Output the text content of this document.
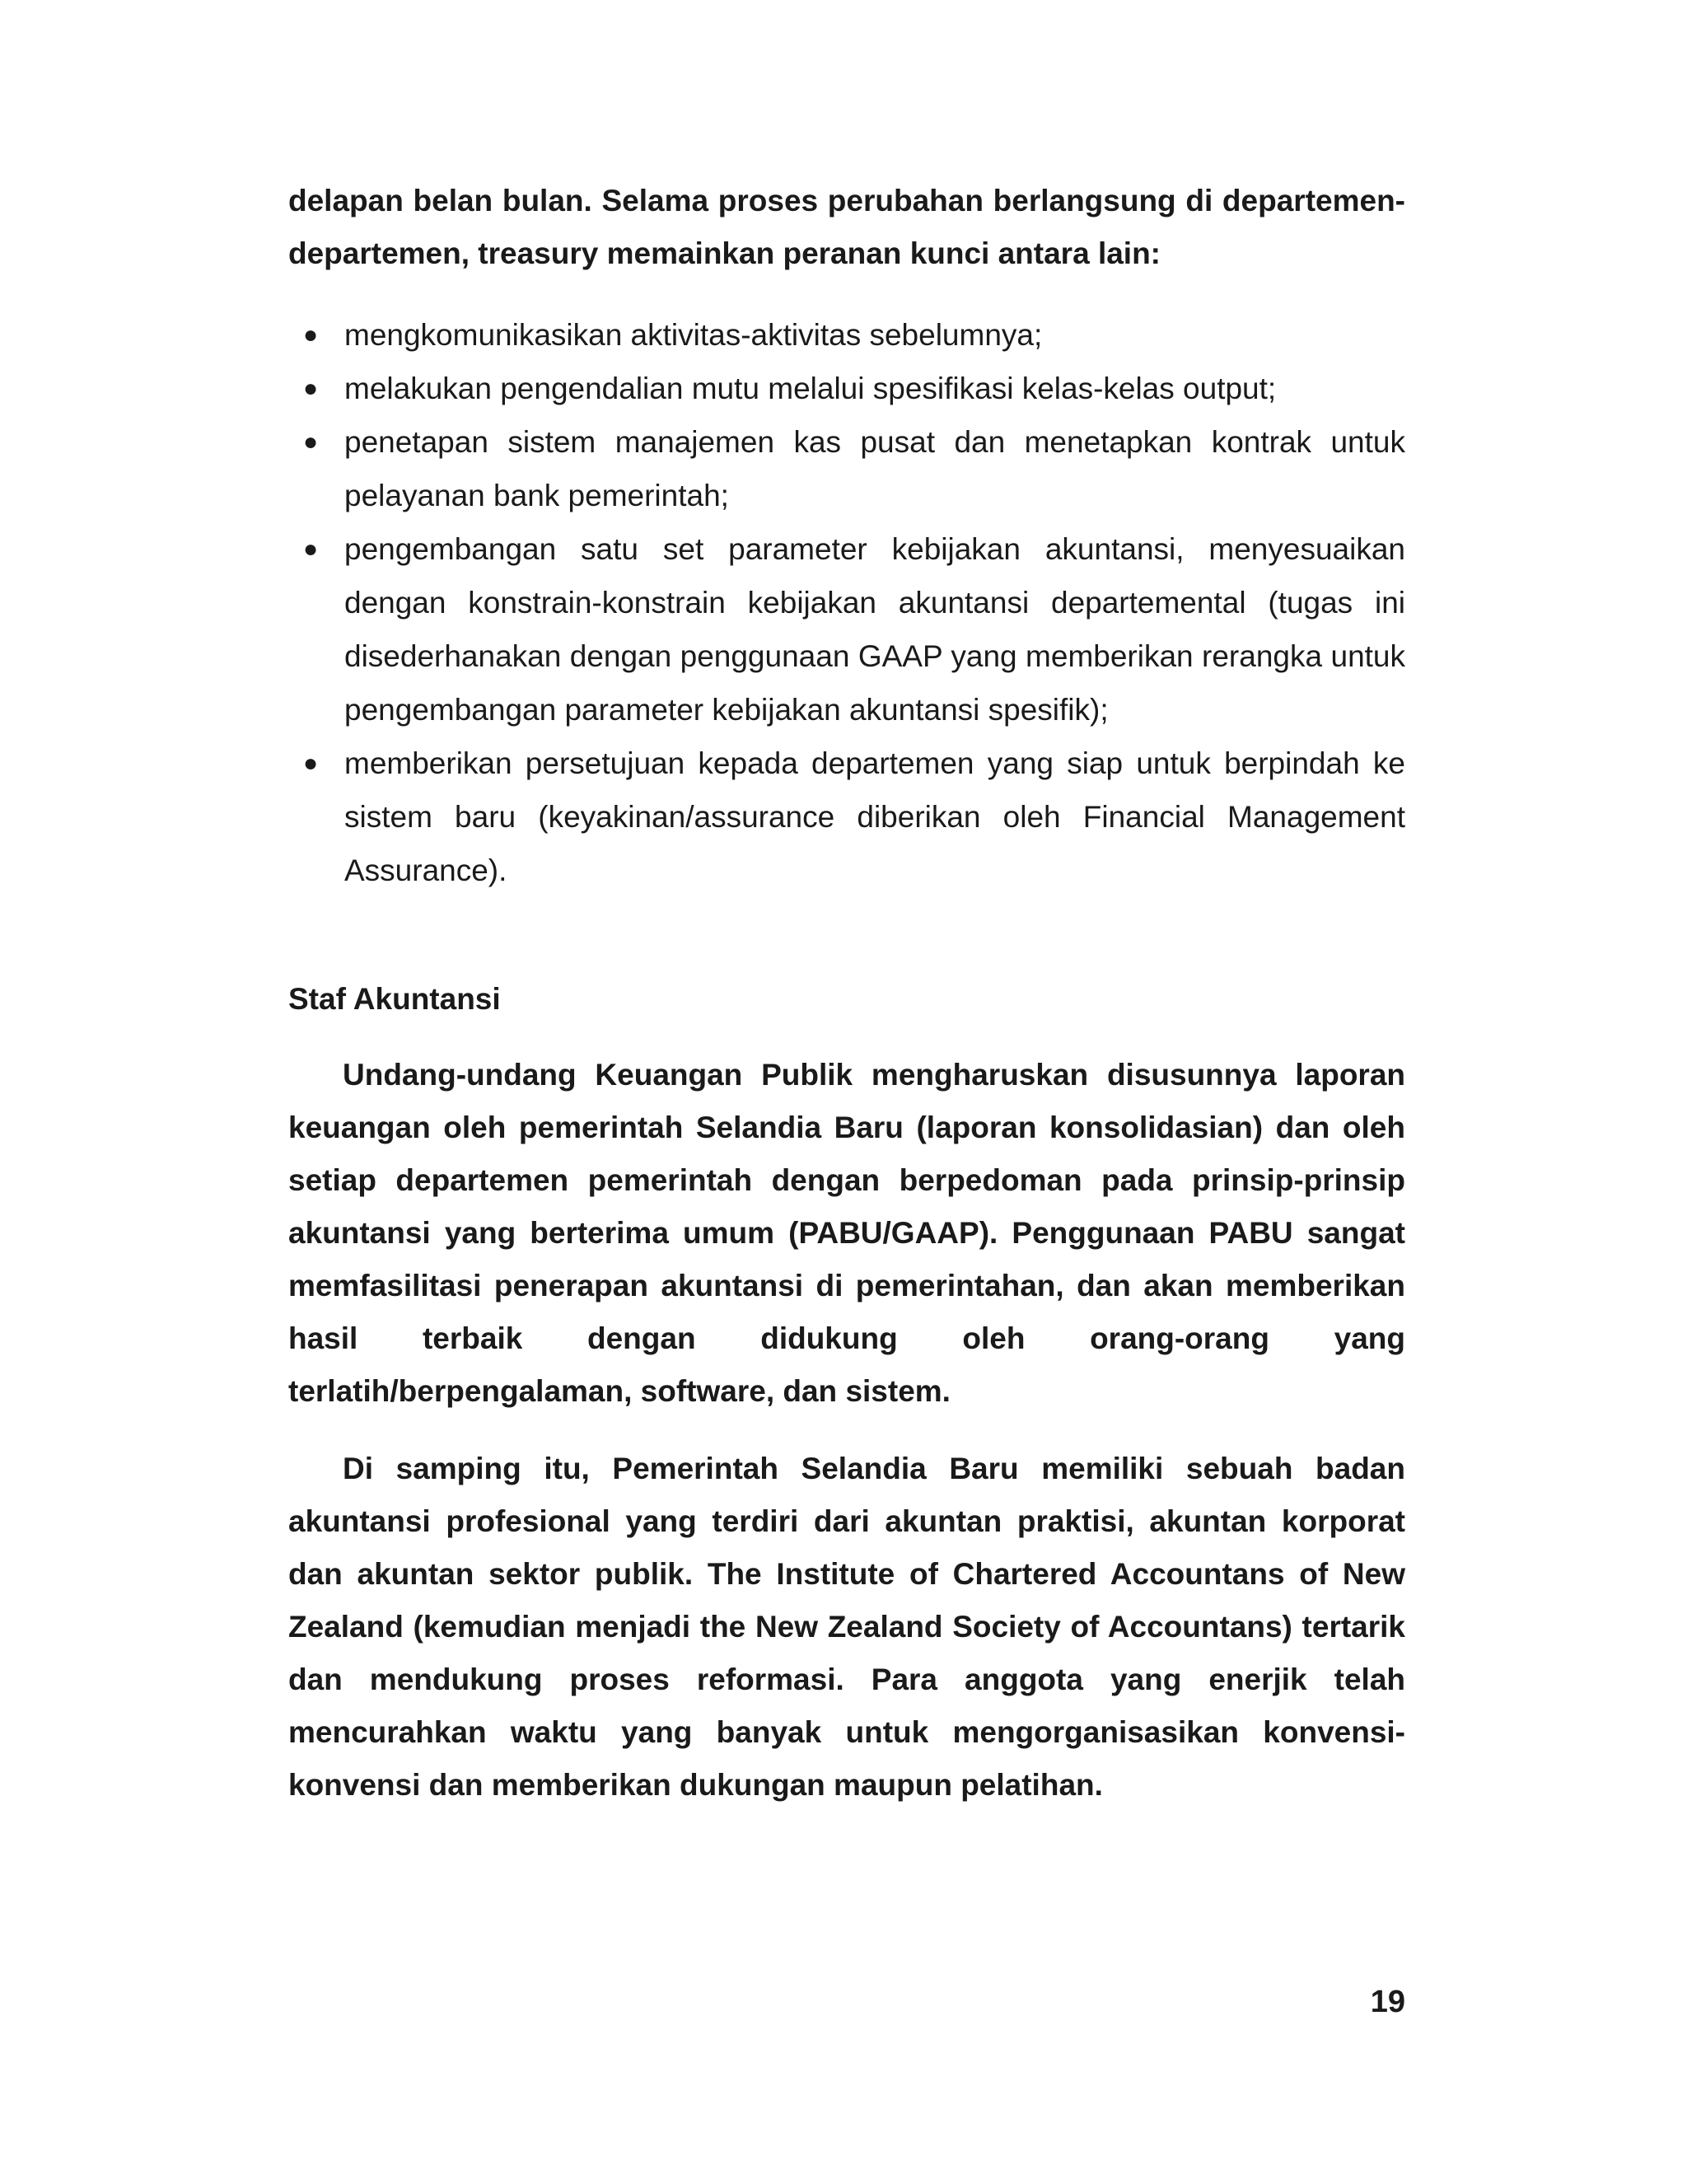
delapan belan bulan. Selama proses perubahan berlangsung di departemen-
departemen, treasury memainkan peranan kunci antara lain:

● mengkomunikasikan aktivitas-aktivitas sebelumnya;
● melakukan pengendalian mutu melalui spesifikasi kelas-kelas output;
● penetapan sistem manajemen kas pusat dan menetapkan kontrak untuk pelayanan bank pemerintah;
● pengembangan satu set parameter kebijakan akuntansi, menyesuaikan dengan konstrain-konstrain kebijakan akuntansi departemental (tugas ini disederhanakan dengan penggunaan GAAP yang memberikan rerangka untuk pengembangan parameter kebijakan akuntansi spesifik);
● memberikan persetujuan kepada departemen yang siap untuk berpindah ke sistem baru (keyakinan/assurance diberikan oleh Financial Management Assurance).
Staf Akuntansi

Undang-undang Keuangan Publik mengharuskan disusunnya laporan keuangan oleh pemerintah Selandia Baru (laporan konsolidasian) dan oleh setiap departemen pemerintah dengan berpedoman pada prinsip-prinsip akuntansi yang berterima umum (PABU/GAAP). Penggunaan PABU sangat memfasilitasi penerapan akuntansi di pemerintahan, dan akan memberikan hasil terbaik dengan didukung oleh orang-orang yang terlatih/berpengalaman, software, dan sistem.

Di samping itu, Pemerintah Selandia Baru memiliki sebuah badan akuntansi profesional yang terdiri dari akuntan praktisi, akuntan korporat dan akuntan sektor publik. The Institute of Chartered Accountans of New Zealand (kemudian menjadi the New Zealand Society of Accountans) tertarik dan mendukung proses reformasi. Para anggota yang enerjik telah mencurahkan waktu yang banyak untuk mengorganisasikan konvensi-konvensi dan memberikan dukungan maupun pelatihan.

19
